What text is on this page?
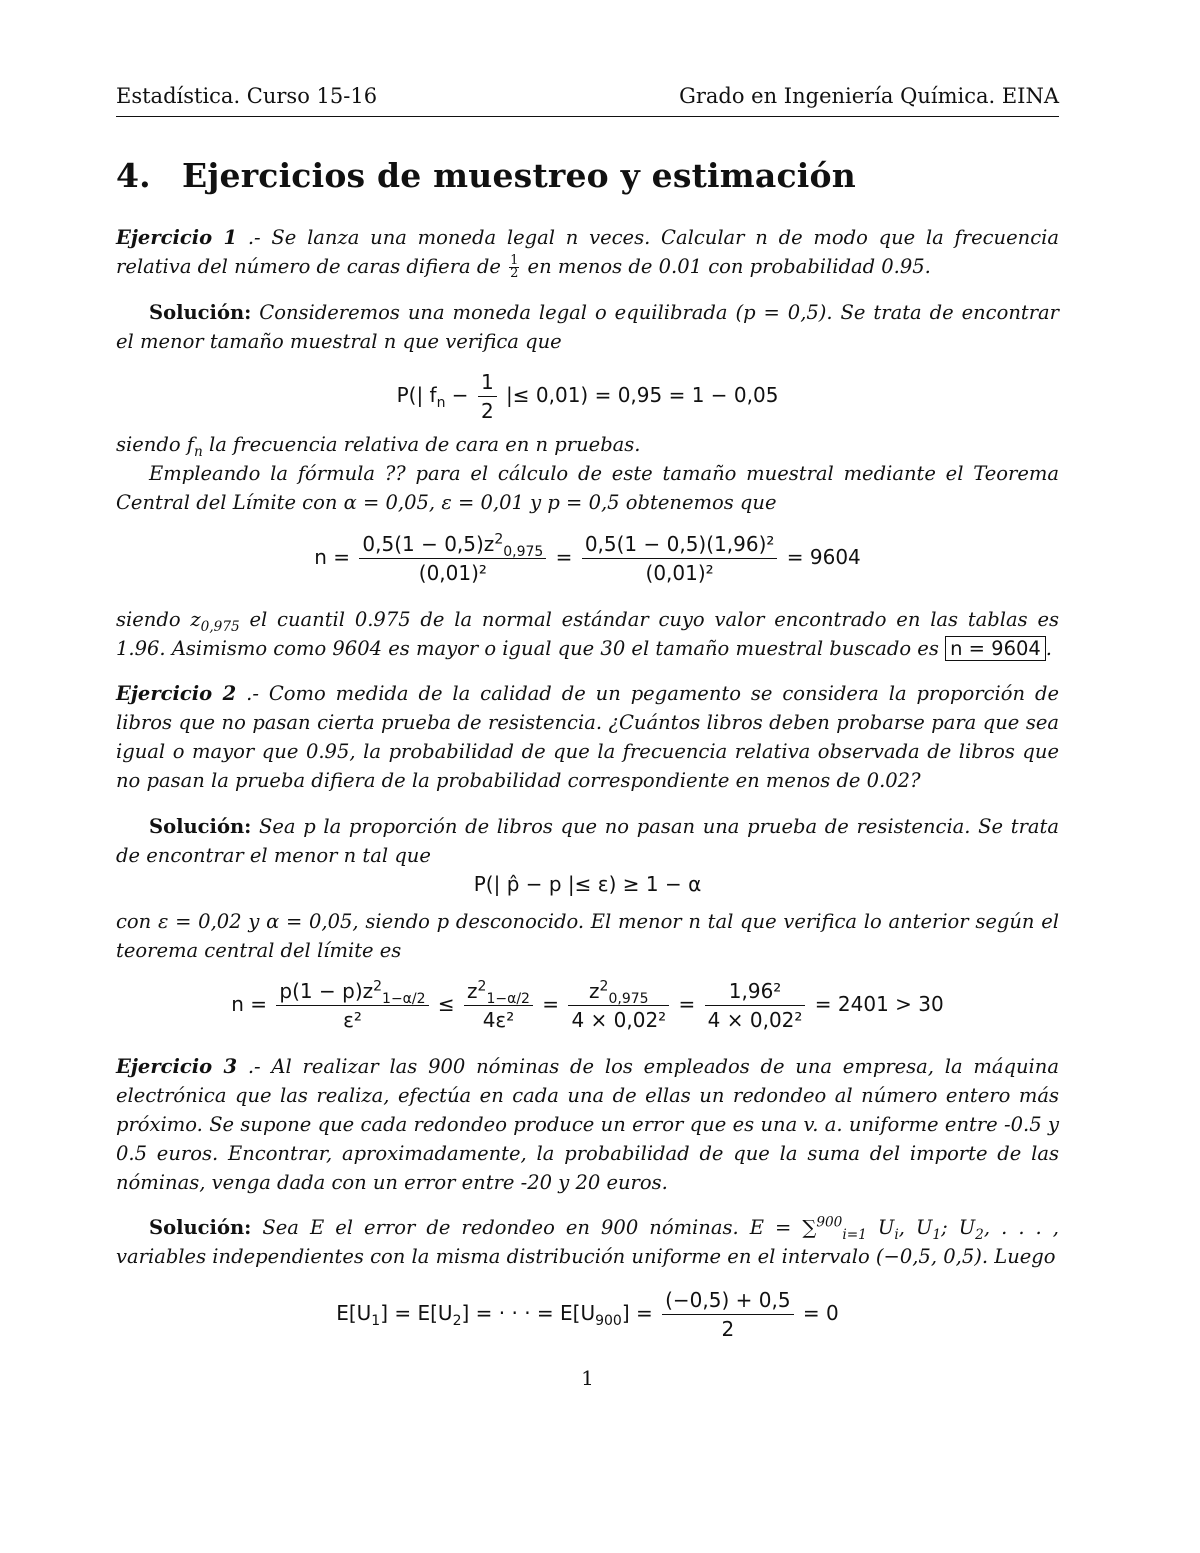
Estadística. Curso 15-16	Grado en Ingeniería Química. EINA
4. Ejercicios de muestreo y estimación
Ejercicio 1 .- Se lanza una moneda legal n veces. Calcular n de modo que la frecuencia relativa del número de caras difiera de $\frac{1}{2}$ en menos de 0.01 con probabilidad 0.95.
Solución: Consideremos una moneda legal o equilibrada (p = 0,5). Se trata de encontrar el menor tamaño muestral n que verifica que
P(| $f_n - \frac{1}{2}$ |≤ 0,01) = 0,95 = 1 − 0,05
siendo $f_n$ la frecuencia relativa de cara en n pruebas.
Empleando la fórmula ?? para el cálculo de este tamaño muestral mediante el Teorema Central del Límite con α = 0,05, ε = 0,01 y p = 0,5 obtenemos que
$n = \frac{0,5(1 - 0,5)z^2_{0,975}}{\text{(0,01)²}} = \frac{\text{0,5(1 − 0,5)(1,96)²}}{\text{(0,01)²}} = 9604$
siendo $z_{0,975}$ el cuantil 0.975 de la normal estándar cuyo valor encontrado en las tablas es 1.96. Asimismo como 9604 es mayor o igual que 30 el tamaño muestral buscado es n = 9604 .
Ejercicio 2 .- Como medida de la calidad de un pegamento se considera la proporción de libros que no pasan cierta prueba de resistencia. ¿Cuántos libros deben probarse para que sea igual o mayor que 0.95, la probabilidad de que la frecuencia relativa observada de libros que no pasan la prueba difiera de la probabilidad correspondiente en menos de 0.02?
Solución: Sea p la proporción de libros que no pasan una prueba de resistencia. Se trata de encontrar el menor n tal que
P(| p̂ − p |≤ ε) ≥ 1 − α
con ε = 0,02 y α = 0,05, siendo p desconocido. El menor n tal que verifica lo anterior según el teorema central del límite es
$n = \frac{p(1 - p)z^2_{1-\alpha/2}}{\text{ε²}} \le \frac{z^2_{1-\alpha/2}}{\text{4ε²}} = \frac{z^2_{0,975}}{\text{4 × 0,02²}} = \frac{\text{1,96²}}{\text{4 × 0,02²}} = 2401 > 30$
Ejercicio 3 .- Al realizar las 900 nóminas de los empleados de una empresa, la máquina electrónica que las realiza, efectúa en cada una de ellas un redondeo al número entero más próximo. Se supone que cada redondeo produce un error que es una v. a. uniforme entre -0.5 y 0.5 euros. Encontrar, aproximadamente, la probabilidad de que la suma del importe de las nóminas, venga dada con un error entre -20 y 20 euros.
Solución: Sea E el error de redondeo en 900 nóminas. E = ∑$^{900}_{i=1}$ $U_i$, $U_1$; $U_2$, . . . , variables independientes con la misma distribución uniforme en el intervalo (−0,5, 0,5). Luego
$E[U_1] = E[U_2]$ = · · · = $E[U_{900}] = \frac{(-0,5) + 0,5}{2} = 0$
1
